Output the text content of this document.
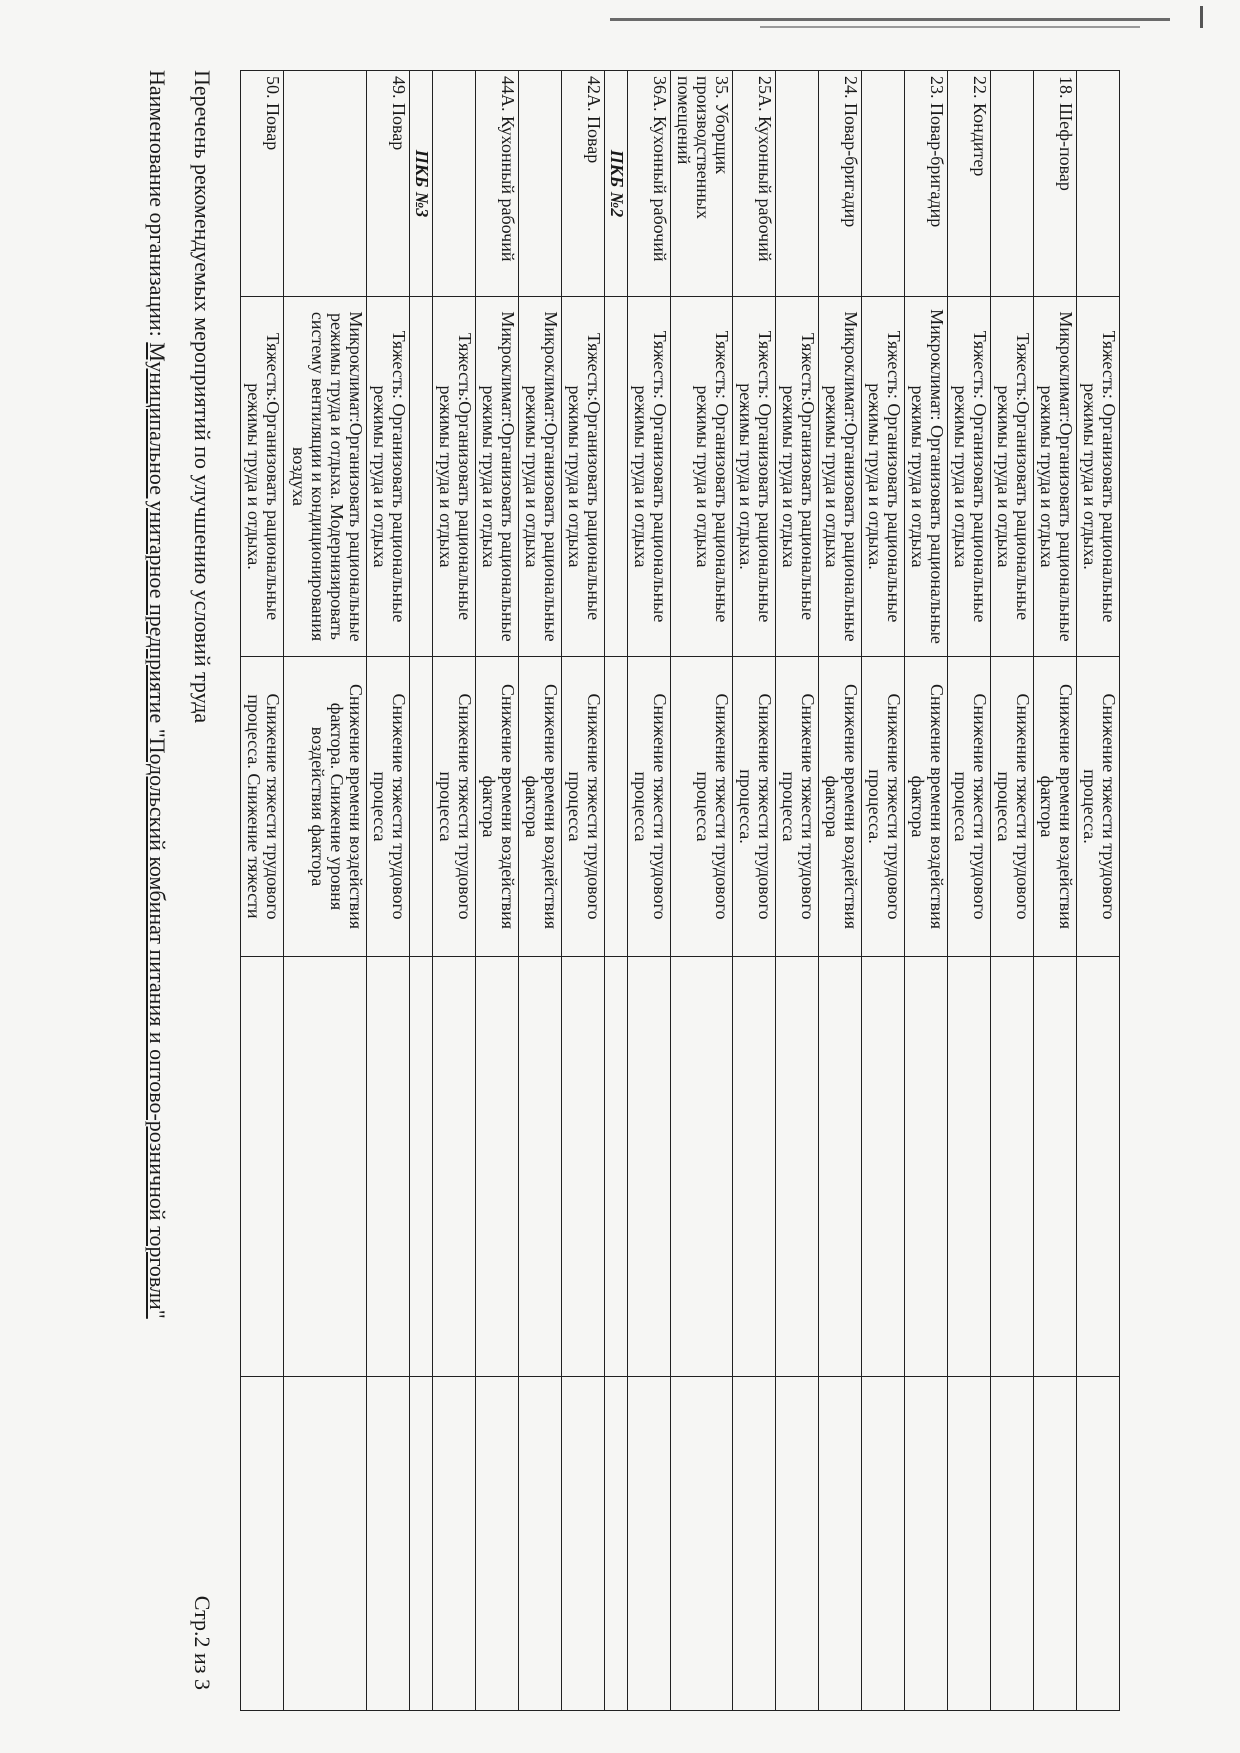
	Тяжесть: Организовать рациональные режимы труда и отдыха.	Снижение тяжести трудового процесса.		
18. Шеф-повар	Микроклимат:Организовать рациональные режимы труда и отдыха	Снижение времени воздействия фактора		
	Тяжесть:Организовать рациональные режимы труда и отдыха	Снижение тяжести трудового процесса		
22. Кондитер	Тяжесть: Организовать рациональные режимы труда и отдыха	Снижение тяжести трудового процесса		
23. Повар-бригадир	Микроклимат: Организовать рациональные режимы труда и отдыха	Снижение времени воздействия фактора		
	Тяжесть: Организовать рациональные режимы труда и отдыха.	Снижение тяжести трудового процесса.		
24. Повар-бригадир	Микроклимат:Организовать рациональные режимы труда и отдыха	Снижение времени воздействия фактора		
	Тяжесть:Организовать рациональные режимы труда и отдыха	Снижение тяжести трудового процесса		
25А. Кухонный рабочий	Тяжесть: Организовать рациональные режимы труда и отдыха.	Снижение тяжести трудового процесса.		
35. Уборщик производственных помещений	Тяжесть: Организовать рациональные режимы труда и отдыха	Снижение тяжести трудового процесса		
36А. Кухонный рабочий	Тяжесть: Организовать рациональные режимы труда и отдыха	Снижение тяжести трудового процесса		
ПКБ №2				
42А. Повар	Тяжесть:Организовать рациональные режимы труда и отдыха	Снижение тяжести трудового процесса		
	Микроклимат:Организовать рациональные режимы труда и отдыха	Снижение времени воздействия фактора		
44А. Кухонный рабочий	Микроклимат:Организовать рациональные режимы труда и отдыха	Снижение времени воздействия фактора		
	Тяжесть:Организовать рациональные режимы труда и отдыха	Снижение тяжести трудового процесса		
ПКБ №3				
49. Повар	Тяжесть: Организовать рациональные режимы труда и отдыха	Снижение тяжести трудового процесса		
	Микроклимат:Организовать рациональные режимы труда и отдыха. Модернизировать систему вентиляции и кондиционирования воздуха	Снижение времени воздействия фактора. Снижение уровня воздействия фактора		
50. Повар	Тяжесть:Организовать рациональные режимы труда и отдыха.	Снижение тяжести трудового процесса. Снижение тяжести		
Перечень рекомендуемых мероприятий по улучшению условий труда
Стр.2 из 3
Наименование организации: Муниципальное унитарное предприятие "Подольский комбинат питания и оптово-розничной торговли"
